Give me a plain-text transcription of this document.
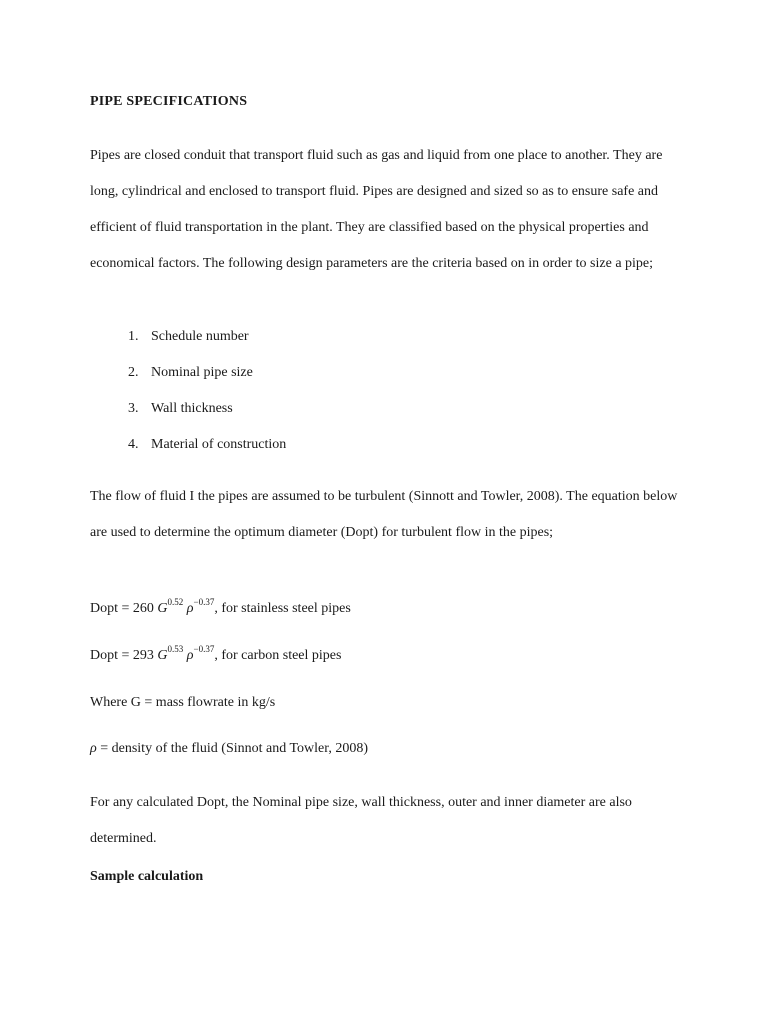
PIPE SPECIFICATIONS

Pipes are closed conduit that transport fluid such as gas and liquid from one place to another. They are long, cylindrical and enclosed to transport fluid. Pipes are designed and sized so as to ensure safe and efficient of fluid transportation in the plant. They are classified based on the physical properties and economical factors. The following design parameters are the criteria based on in order to size a pipe;

1. Schedule number
2. Nominal pipe size
3. Wall thickness
4. Material of construction

The flow of fluid I the pipes are assumed to be turbulent (Sinnott and Towler, 2008). The equation below are used to determine the optimum diameter (Dopt) for turbulent flow in the pipes;

Dopt = 260 $G^{0.52}$ $\rho^{-0.37}$, for stainless steel pipes

Dopt = 293 $G^{0.53}$ $\rho^{-0.37}$, for carbon steel pipes

Where G = mass flowrate in kg/s

ρ = density of the fluid (Sinnot and Towler, 2008)

For any calculated Dopt, the Nominal pipe size, wall thickness, outer and inner diameter are also determined.

Sample calculation
